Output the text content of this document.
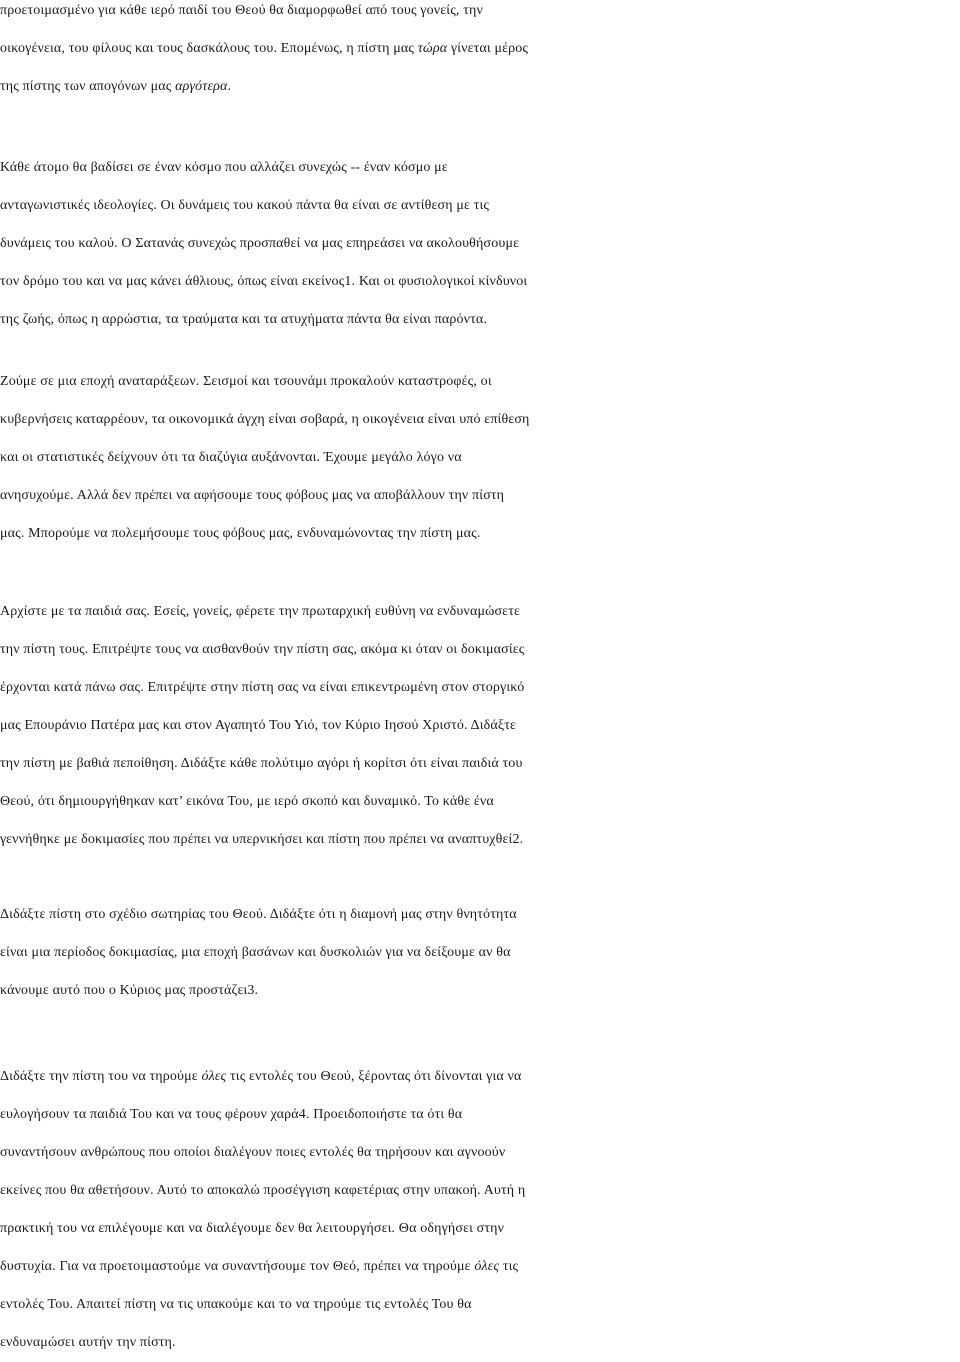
προετοιμασμένο για κάθε ιερό παιδί του Θεού θα διαμορφωθεί από τους γονείς, την
οικογένεια, του φίλους και τους δασκάλους του. Επομένως, η πίστη μας τώρα γίνεται μέρος
της πίστης των απογόνων μας αργότερα.
Κάθε άτομο θα βαδίσει σε έναν κόσμο που αλλάζει συνεχώς -- έναν κόσμο με
ανταγωνιστικές ιδεολογίες. Οι δυνάμεις του κακού πάντα θα είναι σε αντίθεση με τις
δυνάμεις του καλού. Ο Σατανάς συνεχώς προσπαθεί να μας επηρεάσει να ακολουθήσουμε
τον δρόμο του και να μας κάνει άθλιους, όπως είναι εκείνος1. Και οι φυσιολογικοί κίνδυνοι
της ζωής, όπως η αρρώστια, τα τραύματα και τα ατυχήματα πάντα θα είναι παρόντα.
Ζούμε σε μια εποχή αναταράξεων. Σεισμοί και τσουνάμι προκαλούν καταστροφές, οι
κυβερνήσεις καταρρέουν, τα οικονομικά άγχη είναι σοβαρά, η οικογένεια είναι υπό επίθεση
και οι στατιστικές δείχνουν ότι τα διαζύγια αυξάνονται. Έχουμε μεγάλο λόγο να
ανησυχούμε. Αλλά δεν πρέπει να αφήσουμε τους φόβους μας να αποβάλλουν την πίστη
μας. Μπορούμε να πολεμήσουμε τους φόβους μας, ενδυναμώνοντας την πίστη μας.
Αρχίστε με τα παιδιά σας. Εσείς, γονείς, φέρετε την πρωταρχική ευθύνη να ενδυναμώσετε
την πίστη τους. Επιτρέψτε τους να αισθανθούν την πίστη σας, ακόμα κι όταν οι δοκιμασίες
έρχονται κατά πάνω σας. Επιτρέψτε στην πίστη σας να είναι επικεντρωμένη στον στοργικό
μας Επουράνιο Πατέρα μας και στον Αγαπητό Του Υιό, τον Κύριο Ιησού Χριστό. Διδάξτε
την πίστη με βαθιά πεποίθηση. Διδάξτε κάθε πολύτιμο αγόρι ή κορίτσι ότι είναι παιδιά του
Θεού, ότι δημιουργήθηκαν κατ’ εικόνα Του, με ιερό σκοπό και δυναμικό. Το κάθε ένα
γεννήθηκε με δοκιμασίες που πρέπει να υπερνικήσει και πίστη που πρέπει να αναπτυχθεί2.
Διδάξτε πίστη στο σχέδιο σωτηρίας του Θεού. Διδάξτε ότι η διαμονή μας στην θνητότητα
είναι μια περίοδος δοκιμασίας, μια εποχή βασάνων και δυσκολιών για να δείξουμε αν θα
κάνουμε αυτό που ο Κύριος μας προστάζει3.
Διδάξτε την πίστη του να τηρούμε όλες τις εντολές του Θεού, ξέροντας ότι δίνονται για να
ευλογήσουν τα παιδιά Του και να τους φέρουν χαρά4. Προειδοποιήστε τα ότι θα
συναντήσουν ανθρώπους που οποίοι διαλέγουν ποιες εντολές θα τηρήσουν και αγνοούν
εκείνες που θα αθετήσουν. Αυτό το αποκαλώ προσέγγιση καφετέριας στην υπακοή. Αυτή η
πρακτική του να επιλέγουμε και να διαλέγουμε δεν θα λειτουργήσει. Θα οδηγήσει στην
δυστυχία. Για να προετοιμαστούμε να συναντήσουμε τον Θεό, πρέπει να τηρούμε όλες τις
εντολές Του. Απαιτεί πίστη να τις υπακούμε και το να τηρούμε τις εντολές Του θα
ενδυναμώσει αυτήν την πίστη.
